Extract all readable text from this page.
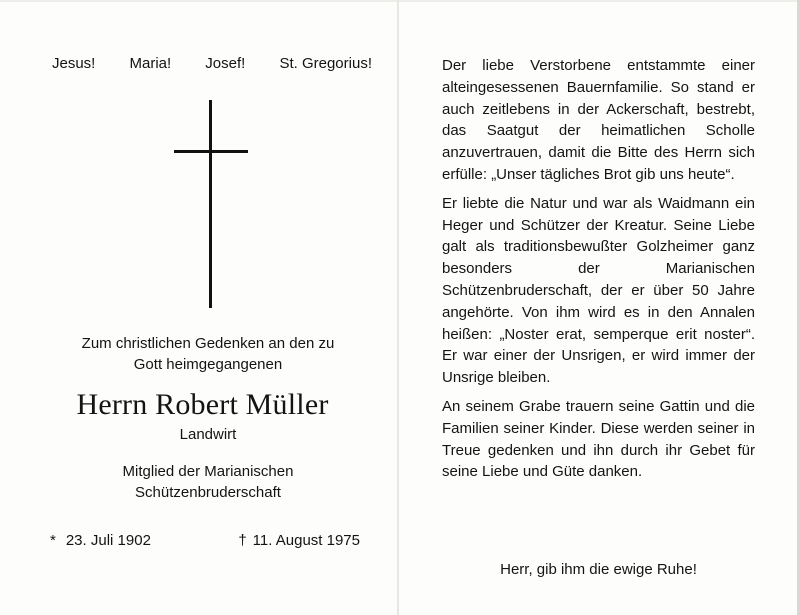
Jesus! Maria! Josef! St. Gregorius!
Zum christlichen Gedenken an den zu
Gott heimgegangenen
Herrn Robert Müller
Landwirt
Mitglied der Marianischen
Schützenbruderschaft
* 23. Juli 1902	† 11. August 1975

Der liebe Verstorbene entstammte einer alteingesessenen Bauernfamilie. So stand er auch zeitlebens in der Ackerschaft, bestrebt, das Saatgut der heimatlichen Scholle anzuvertrauen, damit die Bitte des Herrn sich erfülle: „Unser tägliches Brot gib uns heute“.

Er liebte die Natur und war als Waidmann ein Heger und Schützer der Kreatur. Seine Liebe galt als traditionsbewußter Golzheimer ganz besonders der Marianischen Schützenbruderschaft, der er über 50 Jahre angehörte. Von ihm wird es in den Annalen heißen: „Noster erat, semperque erit noster“. Er war einer der Unsrigen, er wird immer der Unsrige bleiben.

An seinem Grabe trauern seine Gattin und die Familien seiner Kinder. Diese werden seiner in Treue gedenken und ihn durch ihr Gebet für seine Liebe und Güte danken.

Herr, gib ihm die ewige Ruhe!
